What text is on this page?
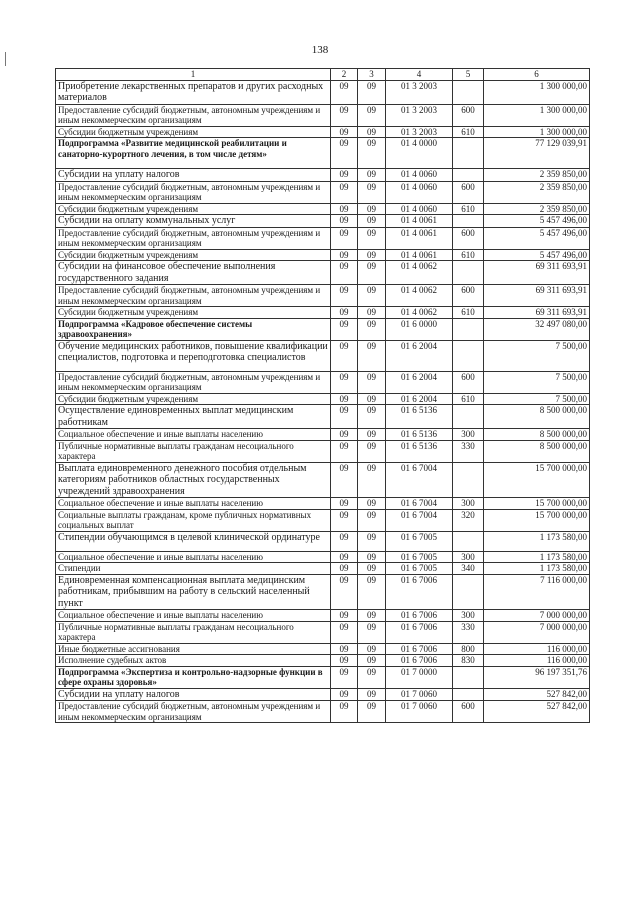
138
1	2	3	4	5	6
Приобретение лекарственных препаратов и других расходных материалов	09	09	01 3 2003		1 300 000,00
Предоставление субсидий бюджетным, автономным учреждениям и иным некоммерческим организациям	09	09	01 3 2003	600	1 300 000,00
Субсидии бюджетным учреждениям	09	09	01 3 2003	610	1 300 000,00
Подпрограмма «Развитие медицинской реабилитации и санаторно-курортного лечения, в том числе детям»	09	09	01 4 0000		77 129 039,91
Субсидии на уплату налогов	09	09	01 4 0060		2 359 850,00
Предоставление субсидий бюджетным, автономным учреждениям и иным некоммерческим организациям	09	09	01 4 0060	600	2 359 850,00
Субсидии бюджетным учреждениям	09	09	01 4 0060	610	2 359 850,00
Субсидии на оплату коммунальных услуг	09	09	01 4 0061		5 457 496,00
Предоставление субсидий бюджетным, автономным учреждениям и иным некоммерческим организациям	09	09	01 4 0061	600	5 457 496,00
Субсидии бюджетным учреждениям	09	09	01 4 0061	610	5 457 496,00
Субсидии на финансовое обеспечение выполнения государственного задания	09	09	01 4 0062		69 311 693,91
Предоставление субсидий бюджетным, автономным учреждениям и иным некоммерческим организациям	09	09	01 4 0062	600	69 311 693,91
Субсидии бюджетным учреждениям	09	09	01 4 0062	610	69 311 693,91
Подпрограмма «Кадровое обеспечение системы здравоохранения»	09	09	01 6 0000		32 497 080,00
Обучение медицинских работников, повышение квалификации специалистов, подготовка и переподготовка специалистов	09	09	01 6 2004		7 500,00
Предоставление субсидий бюджетным, автономным учреждениям и иным некоммерческим организациям	09	09	01 6 2004	600	7 500,00
Субсидии бюджетным учреждениям	09	09	01 6 2004	610	7 500,00
Осуществление единовременных выплат медицинским работникам	09	09	01 6 5136		8 500 000,00
Социальное обеспечение и иные выплаты населению	09	09	01 6 5136	300	8 500 000,00
Публичные нормативные выплаты гражданам несоциального характера	09	09	01 6 5136	330	8 500 000,00
Выплата единовременного денежного пособия отдельным категориям работников областных государственных учреждений здравоохранения	09	09	01 6 7004		15 700 000,00
Социальное обеспечение и иные выплаты населению	09	09	01 6 7004	300	15 700 000,00
Социальные выплаты гражданам, кроме публичных нормативных социальных выплат	09	09	01 6 7004	320	15 700 000,00
Стипендии обучающимся в целевой клинической ординатуре	09	09	01 6 7005		1 173 580,00
Социальное обеспечение и иные выплаты населению	09	09	01 6 7005	300	1 173 580,00
Стипендии	09	09	01 6 7005	340	1 173 580,00
Единовременная компенсационная выплата медицинским работникам, прибывшим на работу в сельский населенный пункт	09	09	01 6 7006		7 116 000,00
Социальное обеспечение и иные выплаты населению	09	09	01 6 7006	300	7 000 000,00
Публичные нормативные выплаты гражданам несоциального характера	09	09	01 6 7006	330	7 000 000,00
Иные бюджетные ассигнования	09	09	01 6 7006	800	116 000,00
Исполнение судебных актов	09	09	01 6 7006	830	116 000,00
Подпрограмма «Экспертиза и контрольно-надзорные функции в сфере охраны здоровья»	09	09	01 7 0000		96 197 351,76
Субсидии на уплату налогов	09	09	01 7 0060		527 842,00
Предоставление субсидий бюджетным, автономным учреждениям и иным некоммерческим организациям	09	09	01 7 0060	600	527 842,00
